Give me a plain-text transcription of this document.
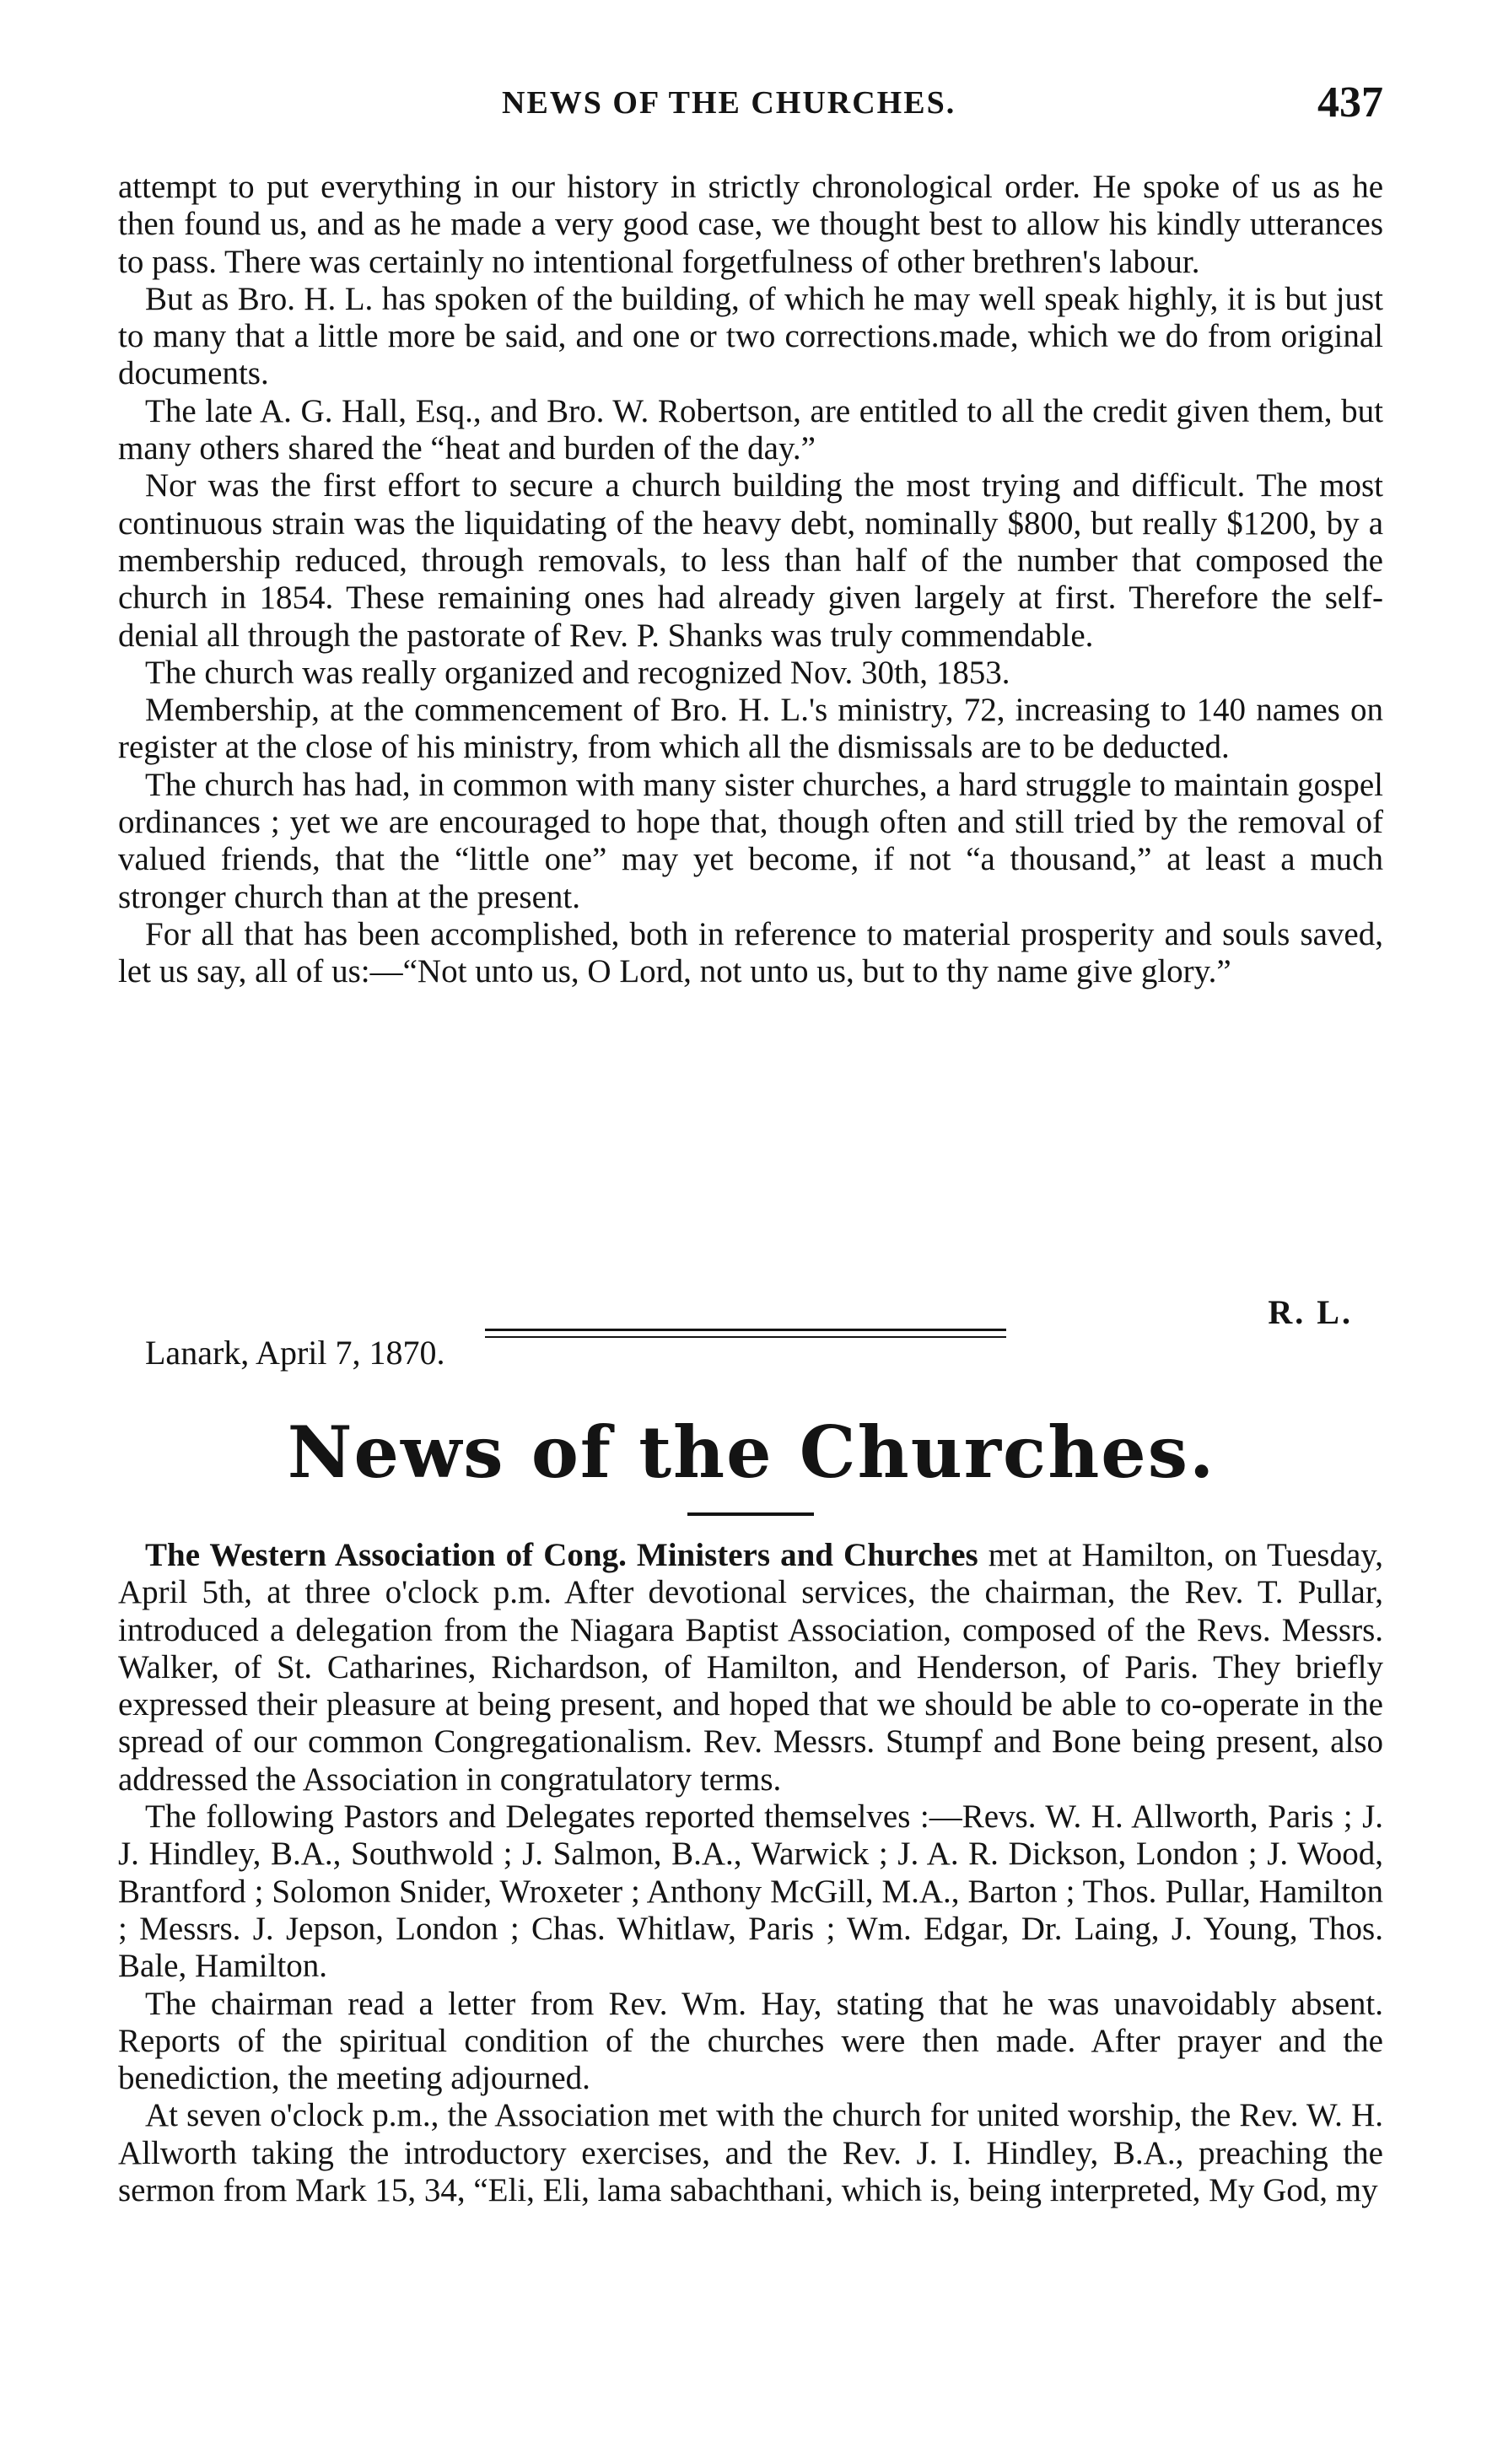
NEWS OF THE CHURCHES.	437

attempt to put everything in our history in strictly chronological order. He spoke of us as he then found us, and as he made a very good case, we thought best to allow his kindly utterances to pass. There was certainly no intentional forgetfulness of other brethren's labour.

But as Bro. H. L. has spoken of the building, of which he may well speak highly, it is but just to many that a little more be said, and one or two corrections.made, which we do from original documents.

The late A. G. Hall, Esq., and Bro. W. Robertson, are entitled to all the credit given them, but many others shared the “heat and burden of the day.”

Nor was the first effort to secure a church building the most trying and difficult. The most continuous strain was the liquidating of the heavy debt, nominally $800, but really $1200, by a membership reduced, through removals, to less than half of the number that composed the church in 1854. These remaining ones had already given largely at first. Therefore the self-denial all through the pastorate of Rev. P. Shanks was truly commendable.

The church was really organized and recognized Nov. 30th, 1853.

Membership, at the commencement of Bro. H. L.'s ministry, 72, increasing to 140 names on register at the close of his ministry, from which all the dismissals are to be deducted.

The church has had, in common with many sister churches, a hard struggle to maintain gospel ordinances ; yet we are encouraged to hope that, though often and still tried by the removal of valued friends, that the “little one” may yet become, if not “a thousand,” at least a much stronger church than at the present.

For all that has been accomplished, both in reference to material prosperity and souls saved, let us say, all of us:—“Not unto us, O Lord, not unto us, but to thy name give glory.”

R. L.
Lanark, April 7, 1870.
News of the Churches.

The Western Association of Cong. Ministers and Churches met at Hamilton, on Tuesday, April 5th, at three o'clock p.m. After devotional services, the chairman, the Rev. T. Pullar, introduced a delegation from the Niagara Baptist Association, composed of the Revs. Messrs. Walker, of St. Catharines, Richardson, of Hamilton, and Henderson, of Paris. They briefly expressed their pleasure at being present, and hoped that we should be able to co-operate in the spread of our common Congregationalism. Rev. Messrs. Stumpf and Bone being present, also addressed the Association in congratulatory terms.

The following Pastors and Delegates reported themselves :—Revs. W. H. Allworth, Paris ; J. J. Hindley, B.A., Southwold ; J. Salmon, B.A., Warwick ; J. A. R. Dickson, London ; J. Wood, Brantford ; Solomon Snider, Wroxeter ; Anthony McGill, M.A., Barton ; Thos. Pullar, Hamilton ; Messrs. J. Jepson, London ; Chas. Whitlaw, Paris ; Wm. Edgar, Dr. Laing, J. Young, Thos. Bale, Hamilton.

The chairman read a letter from Rev. Wm. Hay, stating that he was unavoidably absent. Reports of the spiritual condition of the churches were then made. After prayer and the benediction, the meeting adjourned.

At seven o'clock p.m., the Association met with the church for united worship, the Rev. W. H. Allworth taking the introductory exercises, and the Rev. J. I. Hindley, B.A., preaching the sermon from Mark 15, 34, “Eli, Eli, lama sabachthani, which is, being interpreted, My God, my
